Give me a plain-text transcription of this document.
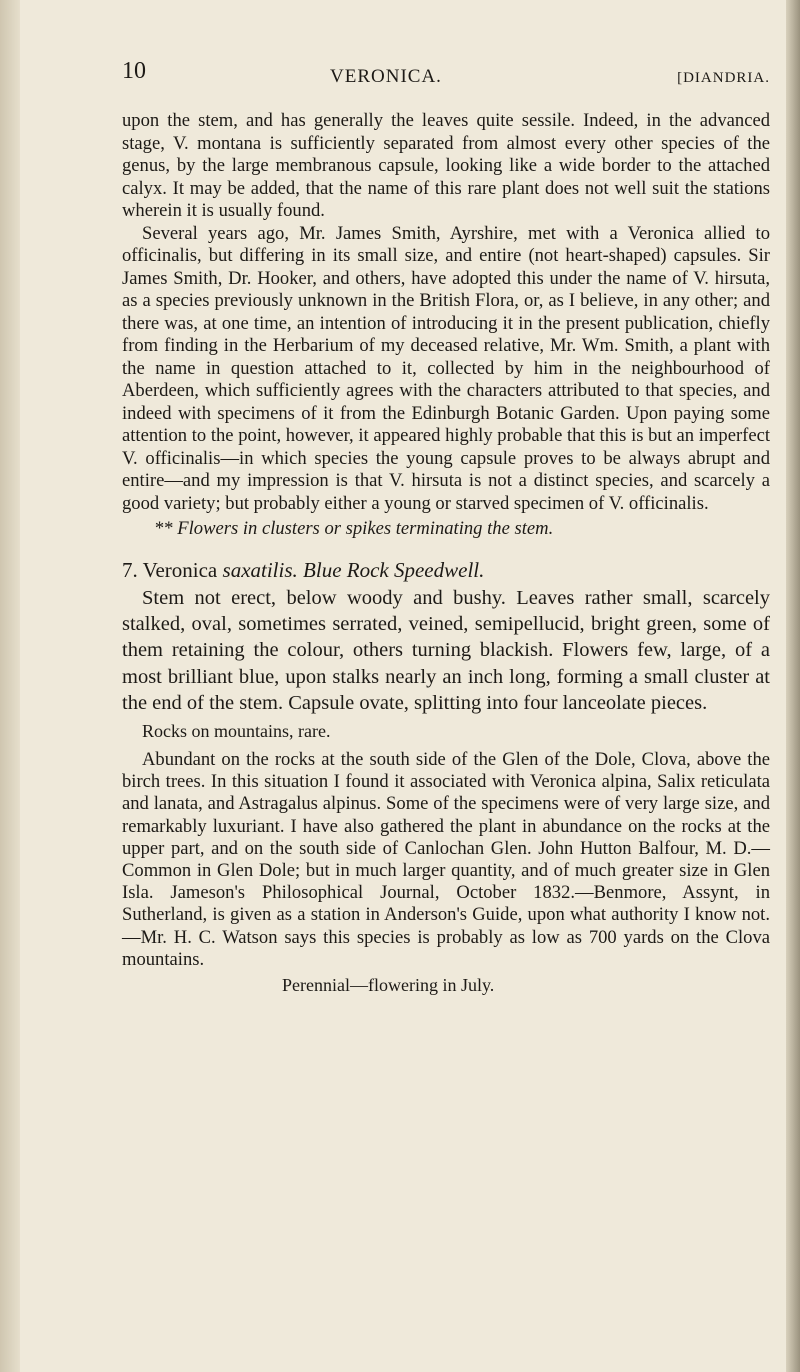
10	VERONICA.	[DIANDRIA.

upon the stem, and has generally the leaves quite sessile. Indeed, in the advanced stage, V. montana is sufficiently separated from almost every other species of the genus, by the large membranous capsule, looking like a wide border to the attached calyx. It may be added, that the name of this rare plant does not well suit the stations wherein it is usually found.

Several years ago, Mr. James Smith, Ayrshire, met with a Veronica allied to officinalis, but differing in its small size, and entire (not heart-shaped) capsules. Sir James Smith, Dr. Hooker, and others, have adopted this under the name of V. hirsuta, as a species previously unknown in the British Flora, or, as I believe, in any other; and there was, at one time, an intention of introducing it in the present publication, chiefly from finding in the Herbarium of my deceased relative, Mr. Wm. Smith, a plant with the name in question attached to it, collected by him in the neighbourhood of Aberdeen, which sufficiently agrees with the characters attributed to that species, and indeed with specimens of it from the Edinburgh Botanic Garden. Upon paying some attention to the point, however, it appeared highly probable that this is but an imperfect V. officinalis—in which species the young capsule proves to be always abrupt and entire—and my impression is that V. hirsuta is not a distinct species, and scarcely a good variety; but probably either a young or starved specimen of V. officinalis.

** Flowers in clusters or spikes terminating the stem.

7. Veronica saxatilis. Blue Rock Speedwell.

Stem not erect, below woody and bushy. Leaves rather small, scarcely stalked, oval, sometimes serrated, veined, semipellucid, bright green, some of them retaining the colour, others turning blackish. Flowers few, large, of a most brilliant blue, upon stalks nearly an inch long, forming a small cluster at the end of the stem. Capsule ovate, splitting into four lanceolate pieces.

Rocks on mountains, rare.

Abundant on the rocks at the south side of the Glen of the Dole, Clova, above the birch trees. In this situation I found it associated with Veronica alpina, Salix reticulata and lanata, and Astragalus alpinus. Some of the specimens were of very large size, and remarkably luxuriant. I have also gathered the plant in abundance on the rocks at the upper part, and on the south side of Canlochan Glen. John Hutton Balfour, M. D.— Common in Glen Dole; but in much larger quantity, and of much greater size in Glen Isla. Jameson's Philosophical Journal, October 1832.—Benmore, Assynt, in Sutherland, is given as a station in Anderson's Guide, upon what authority I know not.—Mr. H. C. Watson says this species is probably as low as 700 yards on the Clova mountains.

Perennial—flowering in July.
